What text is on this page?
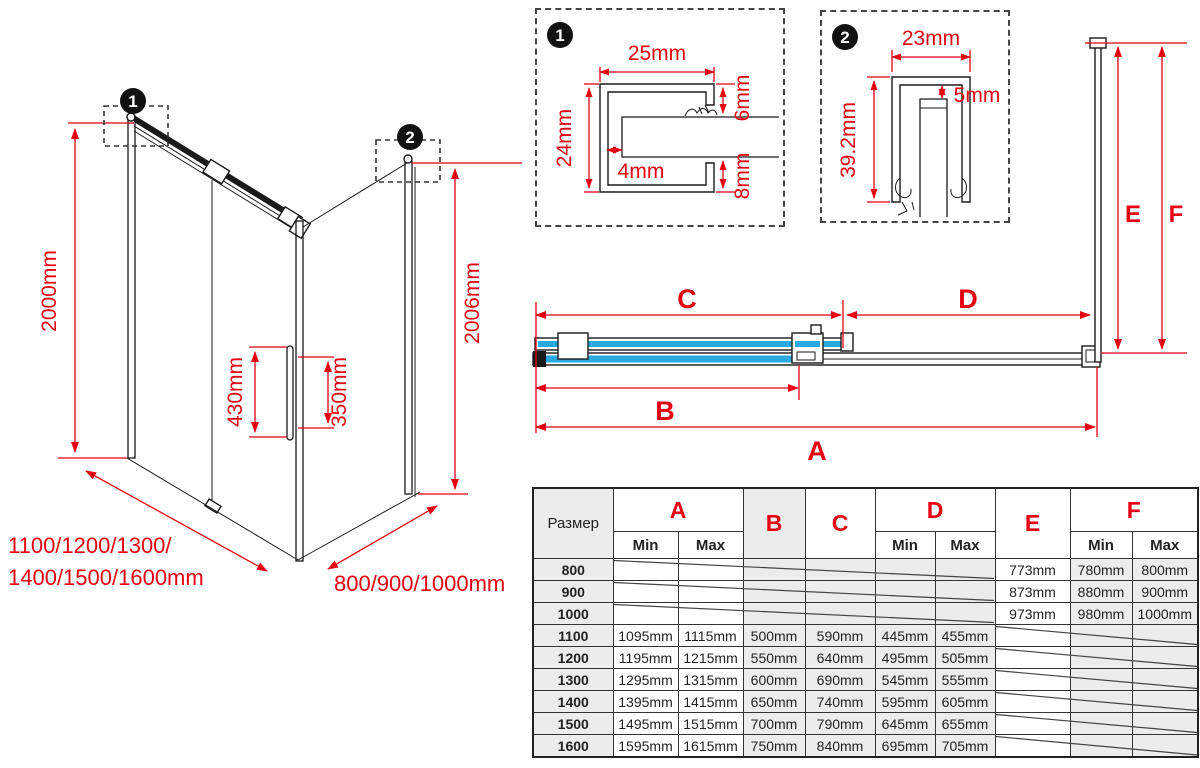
2000mm	2006mm
430mm	350mm
1100/1200/1300/
1400/1500/1600mm	800/900/1000mm
1
2
1
25mm
24mm
4mm
6mm
8mm
2 23mm
5mm
39.2mm
C	D
B
A
E F
Размер	A		B	C	D		E	F	
	Min	Max			Min	Max		Min	Max
800							773mm	780mm	800mm
900							873mm	880mm	900mm
1000							973mm	980mm	1000mm
1100	1095mm	1115mm	500mm	590mm	445mm	455mm			
1200	1195mm	1215mm	550mm	640mm	495mm	505mm			
1300	1295mm	1315mm	600mm	690mm	545mm	555mm			
1400	1395mm	1415mm	650mm	740mm	595mm	605mm			
1500	1495mm	1515mm	700mm	790mm	645mm	655mm			
1600	1595mm	1615mm	750mm	840mm	695mm	705mm			
